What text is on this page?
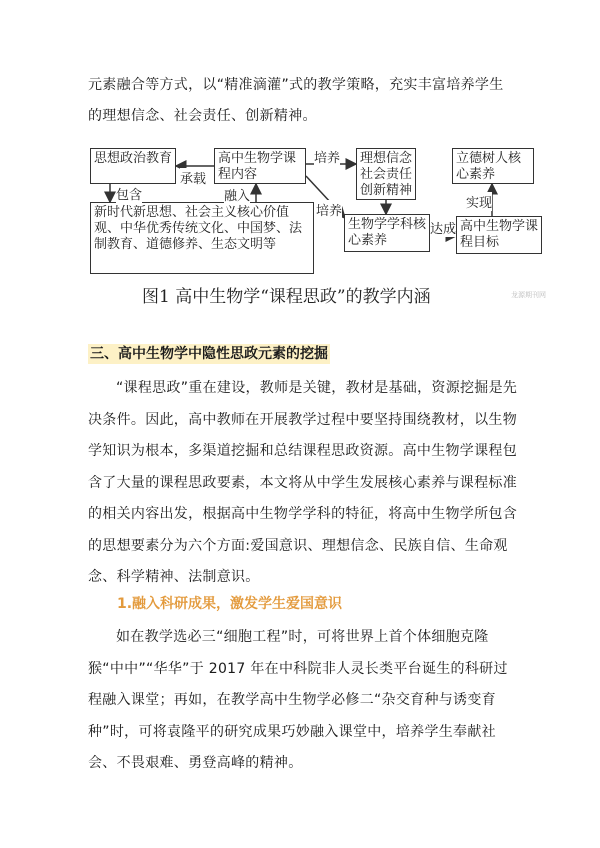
元素融合等方式，以“精准滴灌”式的教学策略，充实丰富培养学生

的理想信念、社会责任、创新精神。

思想政治教育	高中生物学课程内容
理想信念社会责任创新精神
立德树人核心素养
新时代新思想、社会主义核心价值观、中华优秀传统文化、中国梦、法制教育、道德修养、生态文明等
生物学学科核心素养
高中生物学课程目标
承载
包含	融入
培养
培养
达成
实现
图1 高中生物学“课程思政”的教学内涵	龙源期刊网
三、高中生物学中隐性思政元素的挖掘

“课程思政”重在建设，教师是关键，教材是基础，资源挖掘是先决条件。因此，高中教师在开展教学过程中要坚持围绕教材，以生物学知识为根本，多渠道挖掘和总结课程思政资源。高中生物学课程包含了大量的课程思政要素，本文将从中学生发展核心素养与课程标准的相关内容出发，根据高中生物学学科的特征，将高中生物学所包含的思想要素分为六个方面:爱国意识、理想信念、民族自信、生命观念、科学精神、法制意识。

1.融入科研成果，激发学生爱国意识

如在教学选必三“细胞工程”时，可将世界上首个体细胞克隆猴“中中”“华华”于 2017 年在中科院非人灵长类平台诞生的科研过程融入课堂；再如，在教学高中生物学必修二“杂交育种与诱变育种”时，可将袁隆平的研究成果巧妙融入课堂中，培养学生奉献社会、不畏艰难、勇登高峰的精神。
